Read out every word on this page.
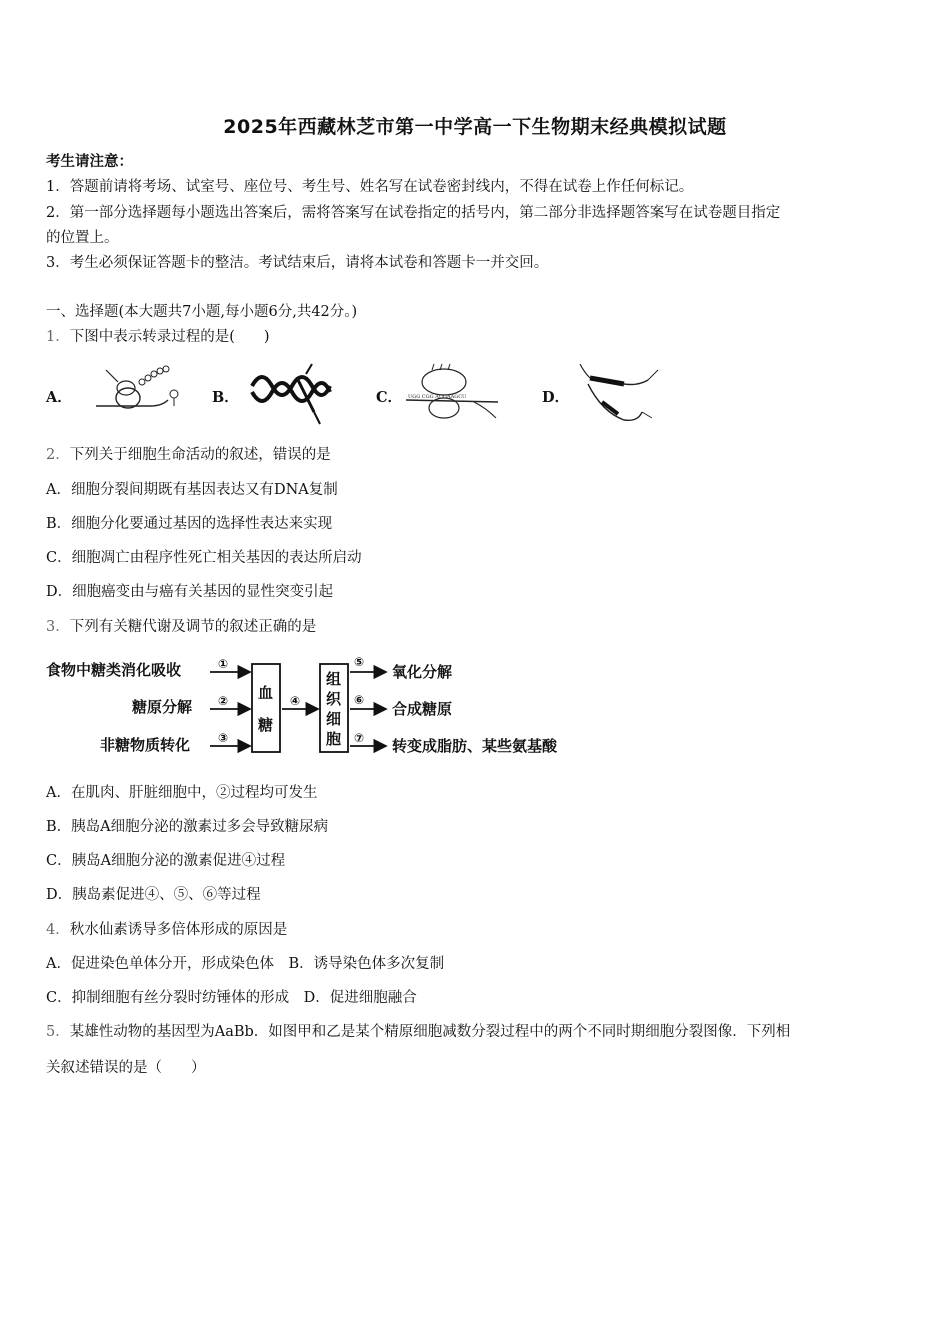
2025年西藏林芝市第一中学高一下生物期末经典模拟试题
考生请注意：
1．答题前请将考场、试室号、座位号、考生号、姓名写在试卷密封线内，不得在试卷上作任何标记。
2．第一部分选择题每小题选出答案后，需将答案写在试卷指定的括号内，第二部分非选择题答案写在试卷题目指定
的位置上。
3．考生必须保证答题卡的整洁。考试结束后，请将本试卷和答题卡一并交回。
一、选择题(本大题共7小题,每小题6分,共42分。)
1．下图中表示转录过程的是(　　)
A．	B．	C． UGG CGG AUGAAGCU	D．
2．下列关于细胞生命活动的叙述，错误的是
A．细胞分裂间期既有基因表达又有DNA复制
B．细胞分化要通过基因的选择性表达来实现
C．细胞凋亡由程序性死亡相关基因的表达所启动
D．细胞癌变由与癌有关基因的显性突变引起
3．下列有关糖代谢及调节的叙述正确的是
食物中糖类消化吸收
糖原分解
非糖物质转化
①
②
③
血
糖
④
组
织
细
胞
⑤
⑥
⑦
氧化分解
合成糖原
转变成脂肪、某些氨基酸
A．在肌肉、肝脏细胞中，②过程均可发生
B．胰岛A细胞分泌的激素过多会导致糖尿病
C．胰岛A细胞分泌的激素促进④过程
D．胰岛素促进④、⑤、⑥等过程
4．秋水仙素诱导多倍体形成的原因是
A．促进染色单体分开，形成染色体　B．诱导染色体多次复制
C．抑制细胞有丝分裂时纺锤体的形成　D．促进细胞融合
5．某雄性动物的基因型为AaBb．如图甲和乙是某个精原细胞减数分裂过程中的两个不同时期细胞分裂图像．下列相
关叙述错误的是（　　）
